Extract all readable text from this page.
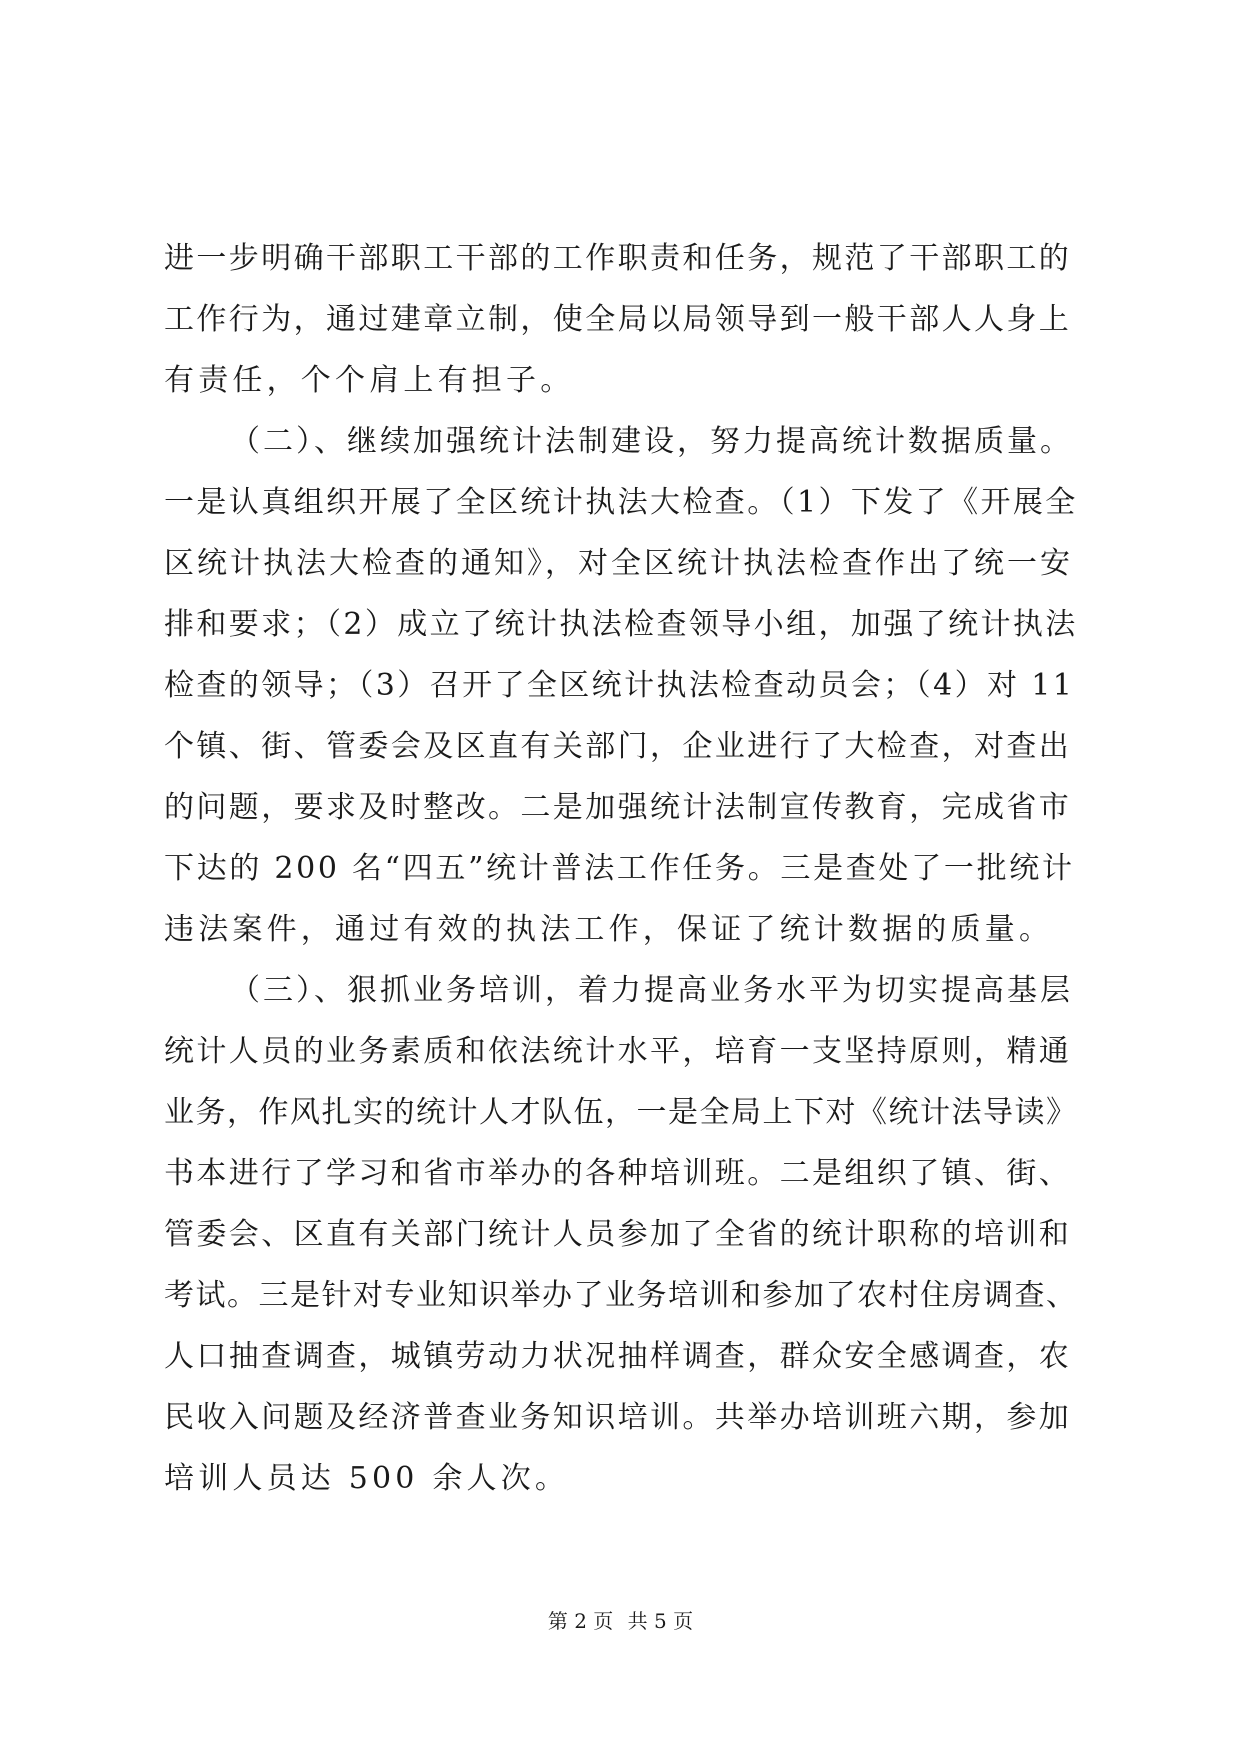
进一步明确干部职工干部的工作职责和任务，规范了干部职工的
工作行为，通过建章立制，使全局以局领导到一般干部人人身上
有责任，个个肩上有担子。
（二）、继续加强统计法制建设，努力提高统计数据质量。
一是认真组织开展了全区统计执法大检查。（1）下发了《开展全
区统计执法大检查的通知》，对全区统计执法检查作出了统一安
排和要求；（2）成立了统计执法检查领导小组，加强了统计执法
检查的领导；（3）召开了全区统计执法检查动员会；（4）对 11
个镇、街、管委会及区直有关部门，企业进行了大检查，对查出
的问题，要求及时整改。二是加强统计法制宣传教育，完成省市
下达的 200 名“四五”统计普法工作任务。三是查处了一批统计
违法案件，通过有效的执法工作，保证了统计数据的质量。
（三）、狠抓业务培训，着力提高业务水平为切实提高基层
统计人员的业务素质和依法统计水平，培育一支坚持原则，精通
业务，作风扎实的统计人才队伍，一是全局上下对《统计法导读》
书本进行了学习和省市举办的各种培训班。二是组织了镇、街、
管委会、区直有关部门统计人员参加了全省的统计职称的培训和
考试。三是针对专业知识举办了业务培训和参加了农村住房调查、
人口抽查调查，城镇劳动力状况抽样调查，群众安全感调查，农
民收入问题及经济普查业务知识培训。共举办培训班六期，参加
培训人员达 500 余人次。
第 2 页 共 5 页
